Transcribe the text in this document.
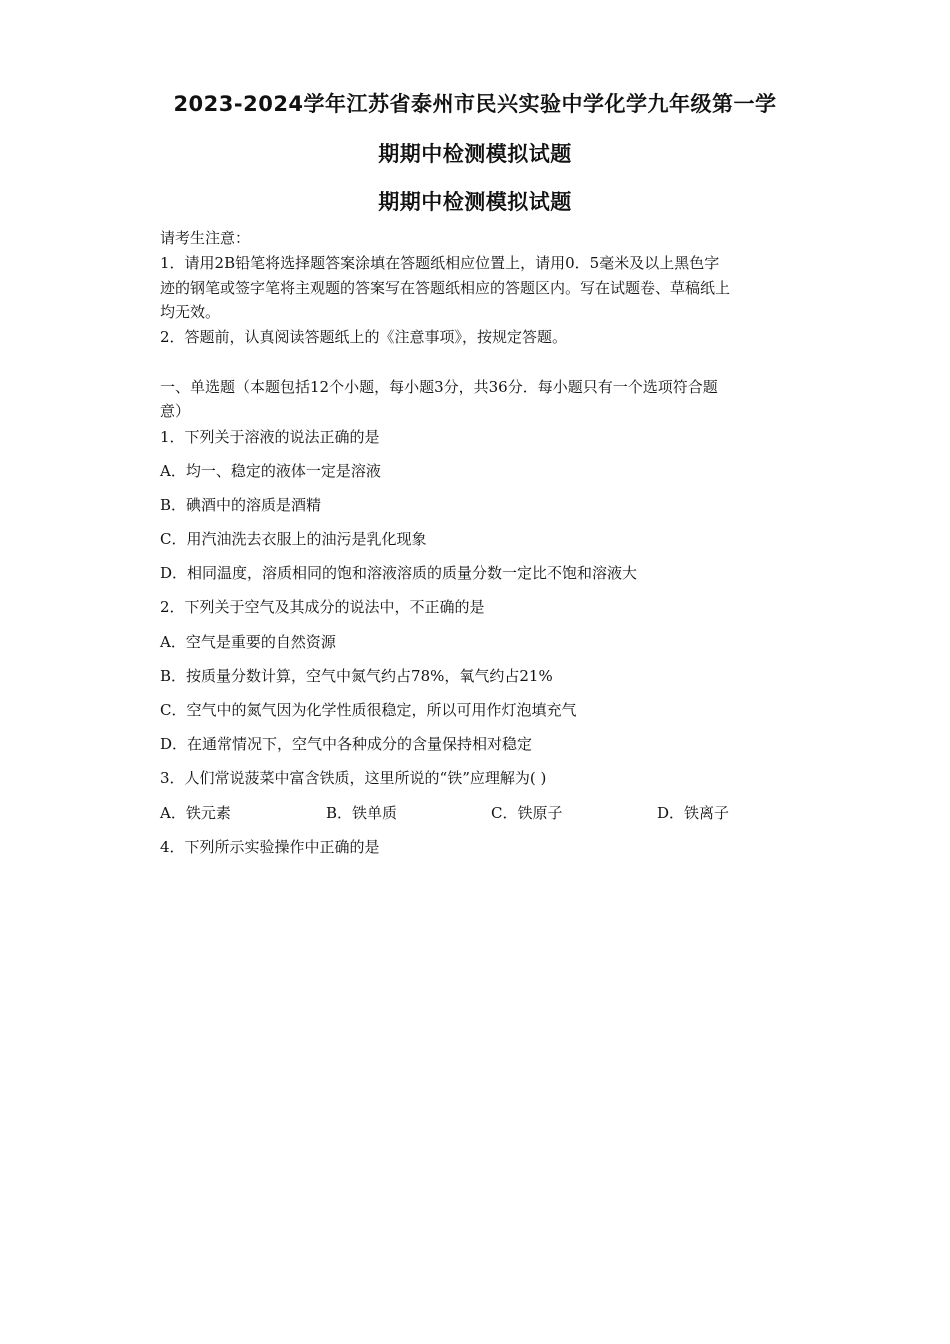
2023-2024学年江苏省泰州市民兴实验中学化学九年级第一学
期期中检测模拟试题
期期中检测模拟试题
请考生注意：
1．请用2B铅笔将选择题答案涂填在答题纸相应位置上，请用0．5毫米及以上黑色字
迹的钢笔或签字笔将主观题的答案写在答题纸相应的答题区内。写在试题卷、草稿纸上
均无效。
2．答题前，认真阅读答题纸上的《注意事项》，按规定答题。
一、单选题（本题包括12个小题，每小题3分，共36分．每小题只有一个选项符合题
意）
1．下列关于溶液的说法正确的是
A．均一、稳定的液体一定是溶液
B．碘酒中的溶质是酒精
C．用汽油洗去衣服上的油污是乳化现象
D．相同温度，溶质相同的饱和溶液溶质的质量分数一定比不饱和溶液大
2．下列关于空气及其成分的说法中，不正确的是
A．空气是重要的自然资源
B．按质量分数计算，空气中氮气约占78%，氧气约占21%
C．空气中的氮气因为化学性质很稳定，所以可用作灯泡填充气
D．在通常情况下，空气中各种成分的含量保持相对稳定
3．人们常说菠菜中富含铁质，这里所说的“铁”应理解为( )
A．铁元素	B．铁单质	C．铁原子	D．铁离子
4．下列所示实验操作中正确的是
